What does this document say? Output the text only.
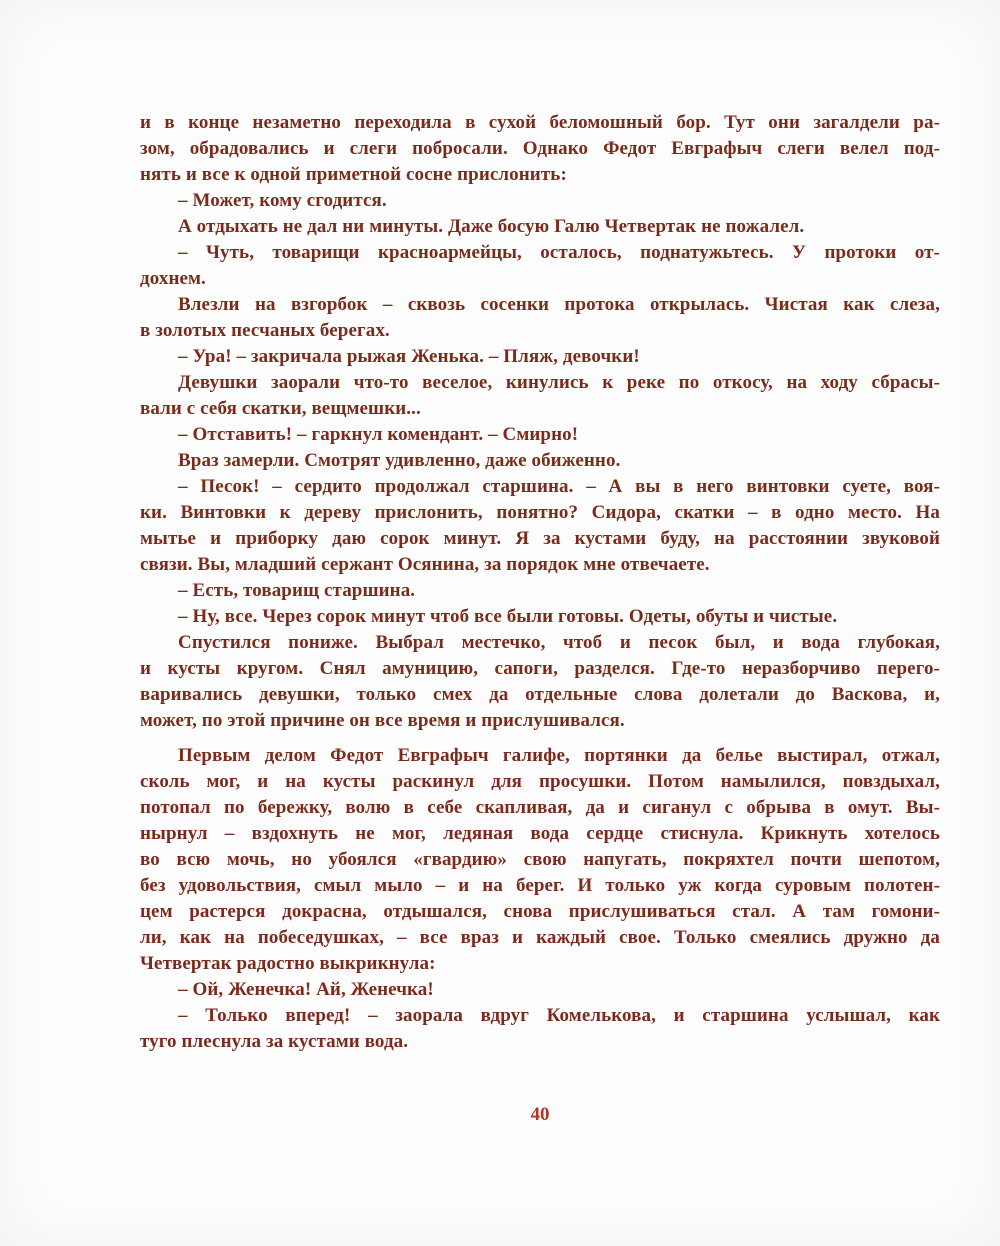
и в конце незаметно переходила в сухой беломошный бор. Тут они загалдели ра-
зом, обрадовались и слеги побросали. Однако Федот Евграфыч слеги велел под-
нять и все к одной приметной сосне прислонить:
– Может, кому сгодится.
А отдыхать не дал ни минуты. Даже босую Галю Четвертак не пожалел.
– Чуть, товарищи красноармейцы, осталось, поднатужьтесь. У протоки от-
дохнем.
Влезли на взгорбок – сквозь сосенки протока открылась. Чистая как слеза,
в золотых песчаных берегах.
– Ура! – закричала рыжая Женька. – Пляж, девочки!
Девушки заорали что-то веселое, кинулись к реке по откосу, на ходу сбрасы-
вали с себя скатки, вещмешки...
– Отставить! – гаркнул комендант. – Смирно!
Враз замерли. Смотрят удивленно, даже обиженно.
– Песок! – сердито продолжал старшина. – А вы в него винтовки суете, воя-
ки. Винтовки к дереву прислонить, понятно? Сидора, скатки – в одно место. На
мытье и приборку даю сорок минут. Я за кустами буду, на расстоянии звуковой
связи. Вы, младший сержант Осянина, за порядок мне отвечаете.
– Есть, товарищ старшина.
– Ну, все. Через сорок минут чтоб все были готовы. Одеты, обуты и чистые.
Спустился пониже. Выбрал местечко, чтоб и песок был, и вода глубокая,
и кусты кругом. Снял амуницию, сапоги, разделся. Где-то неразборчиво перего-
варивались девушки, только смех да отдельные слова долетали до Васкова, и,
может, по этой причине он все время и прислушивался.
Первым делом Федот Евграфыч галифе, портянки да белье выстирал, отжал,
сколь мог, и на кусты раскинул для просушки. Потом намылился, повздыхал,
потопал по бережку, волю в себе скапливая, да и сиганул с обрыва в омут. Вы-
нырнул – вздохнуть не мог, ледяная вода сердце стиснула. Крикнуть хотелось
во всю мочь, но убоялся «гвардию» свою напугать, покряхтел почти шепотом,
без удовольствия, смыл мыло – и на берег. И только уж когда суровым полотен-
цем растерся докрасна, отдышался, снова прислушиваться стал. А там гомони-
ли, как на побеседушках, – все враз и каждый свое. Только смеялись дружно да
Четвертак радостно выкрикнула:
– Ой, Женечка! Ай, Женечка!
– Только вперед! – заорала вдруг Комелькова, и старшина услышал, как
туго плеснула за кустами вода.
40
